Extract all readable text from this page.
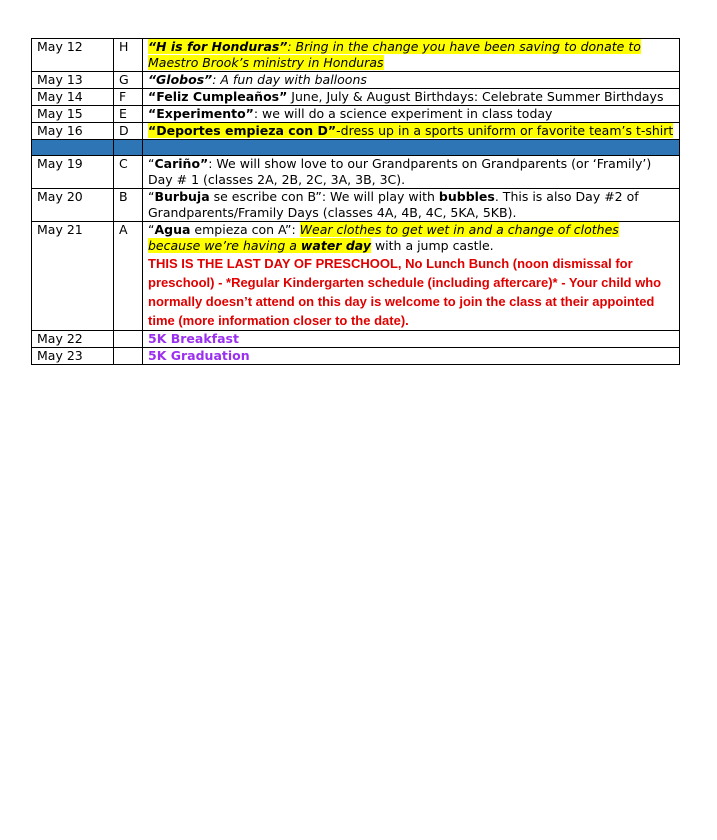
May 12	H	“H is for Honduras”: Bring in the change you have been saving to donate to Maestro Brook’s ministry in Honduras
May 13	G	“Globos”: A fun day with balloons
May 14	F	“Feliz Cumpleaños” June, July & August Birthdays: Celebrate Summer Birthdays
May 15	E	“Experimento”: we will do a science experiment in class today
May 16	D	“Deportes empieza con D”-dress up in a sports uniform or favorite team’s t-shirt

May 19	C	“Cariño”: We will show love to our Grandparents on Grandparents (or ‘Framily’) Day # 1 (classes 2A, 2B, 2C, 3A, 3B, 3C).
May 20	B	“Burbuja se escribe con B”: We will play with bubbles. This is also Day #2 of Grandparents/Framily Days (classes 4A, 4B, 4C, 5KA, 5KB).
May 21	A	“Agua empieza con A”: Wear clothes to get wet in and a change of clothes because we’re having a water day with a jump castle.
THIS IS THE LAST DAY OF PRESCHOOL, No Lunch Bunch (noon dismissal for preschool) - *Regular Kindergarten schedule (including aftercare)* - Your child who normally doesn’t attend on this day is welcome to join the class at their appointed time (more information closer to the date).

May 22		5K Breakfast
May 23		5K Graduation
